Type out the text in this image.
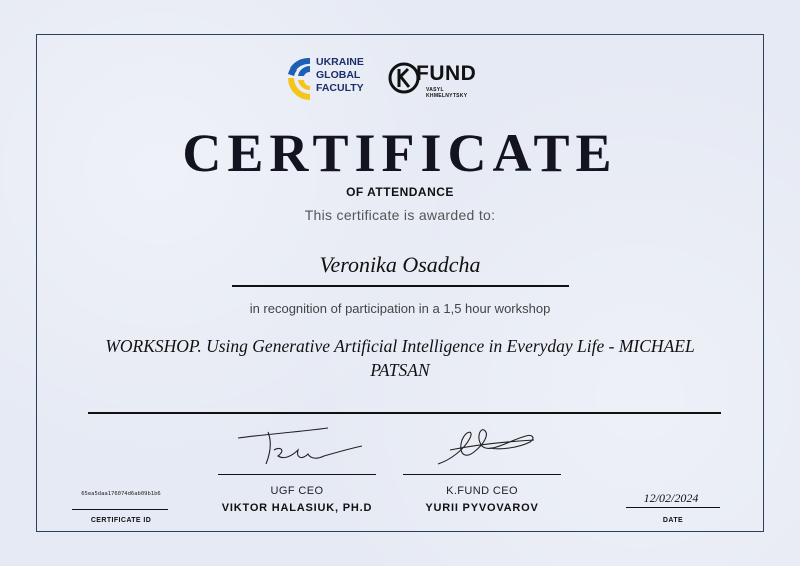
UKRAINE
GLOBAL
FACULTY
FUND
VASYL
KHMELNYTSKY
CERTIFICATE
OF ATTENDANCE
This certificate is awarded to:
Veronika Osadcha
in recognition of participation in a 1,5 hour workshop
WORKSHOP. Using Generative Artificial Intelligence in Everyday Life - MICHAEL PATSAN
UGF CEO
VIKTOR HALASIUK, PH.D
K.FUND CEO
YURII PYVOVAROV
65ea5daa176074d6ab09b1b6
CERTIFICATE ID
12/02/2024
DATE
